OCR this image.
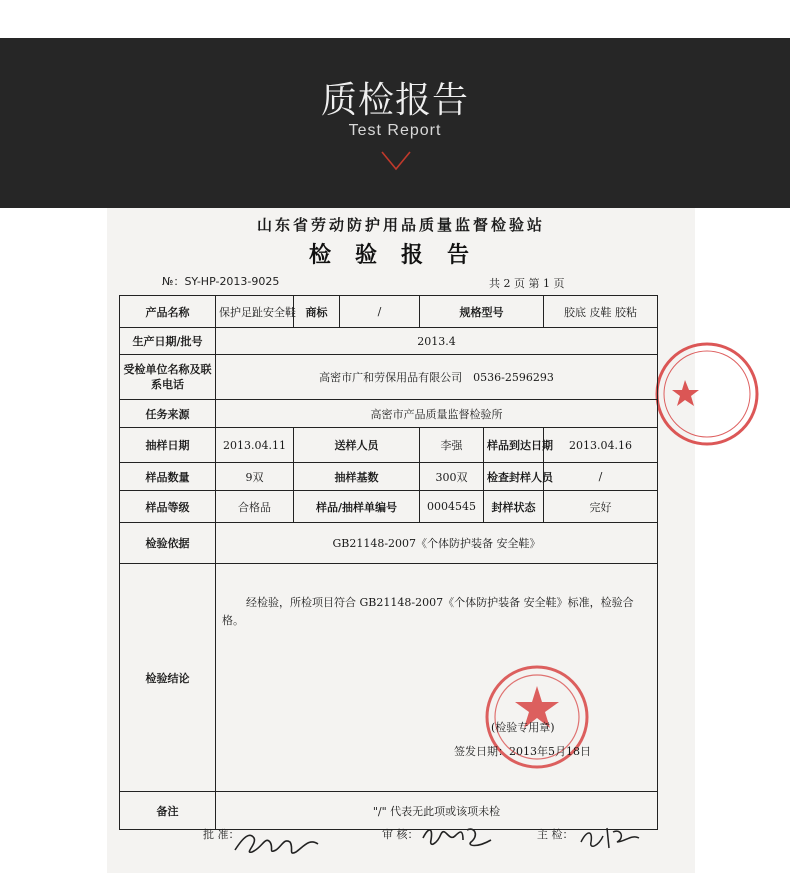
质检报告
Test Report
山东省劳动防护用品质量监督检验站
检验报告
№：SY-HP-2013-9025	共 2 页 第 1 页
产品名称	保护足趾安全鞋	商标	/	规格型号		胶底 皮鞋 胶粘
生产日期/批号	2013.4					
受检单位名称及联系电话	高密市广和劳保用品有限公司　0536-2596293					
任务来源	高密市产品质量监督检验所					
抽样日期	2013.04.11	送样人员		李强	样品到达日期	2013.04.16
样品数量	9双	抽样基数		300双	检查封样人员	/
样品等级	合格品	样品/抽样单编号		0004545	封样状态	完好
检验依据	GB21148-2007《个体防护装备 安全鞋》					
检验结论	经检验，所检项目符合 GB21148-2007《个体防护装备 安全鞋》标准，检验合格。
(检验专用章)
签发日期：2013年5月18日					

备注	"/" 代表无此项或该项未检					
批 准：	审 核：	主 检：
